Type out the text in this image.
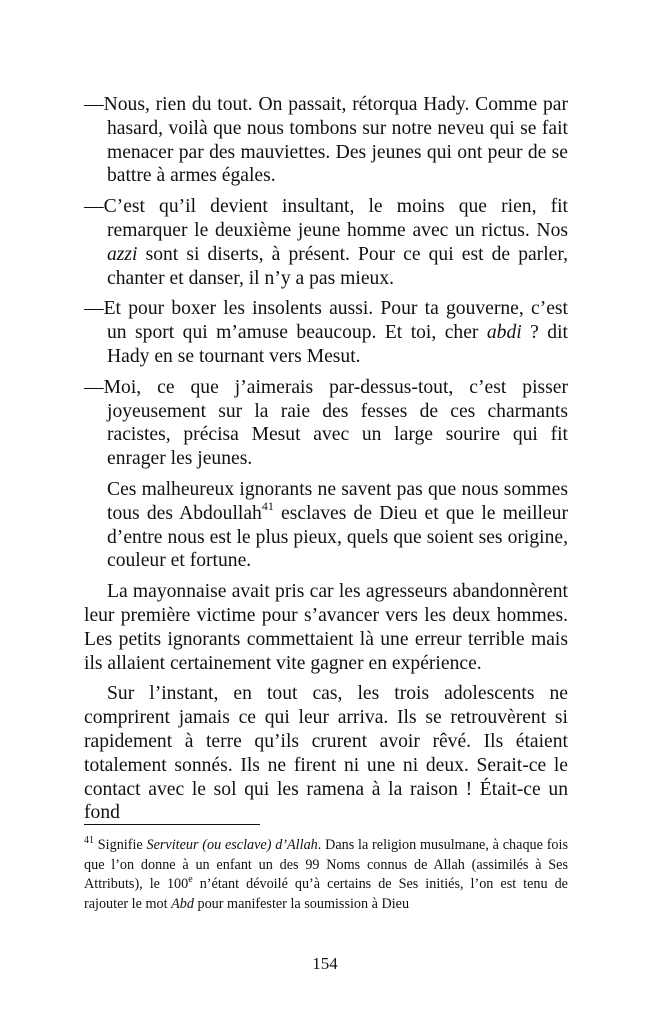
—Nous, rien du tout. On passait, rétorqua Hady. Comme par hasard, voilà que nous tombons sur notre neveu qui se fait menacer par des mauviettes. Des jeunes qui ont peur de se battre à armes égales.

—C’est qu’il devient insultant, le moins que rien, fit remarquer le deuxième jeune homme avec un rictus. Nos azzi sont si diserts, à présent. Pour ce qui est de parler, chanter et danser, il n’y a pas mieux.

—Et pour boxer les insolents aussi. Pour ta gouverne, c’est un sport qui m’amuse beaucoup. Et toi, cher abdi ? dit Hady en se tournant vers Mesut.

—Moi, ce que j’aimerais par-dessus-tout, c’est pisser joyeusement sur la raie des fesses de ces charmants racistes, précisa Mesut avec un large sourire qui fit enrager les jeunes.

Ces malheureux ignorants ne savent pas que nous sommes tous des Abdoullah$^{41}$ esclaves de Dieu et que le meilleur d’entre nous est le plus pieux, quels que soient ses origine, couleur et fortune.

La mayonnaise avait pris car les agresseurs abandonnèrent leur première victime pour s’avancer vers les deux hommes. Les petits ignorants commettaient là une erreur terrible mais ils allaient certainement vite gagner en expérience.

Sur l’instant, en tout cas, les trois adolescents ne comprirent jamais ce qui leur arriva. Ils se retrouvèrent si rapidement à terre qu’ils crurent avoir rêvé. Ils étaient totalement sonnés. Ils ne firent ni une ni deux. Serait-ce le contact avec le sol qui les ramena à la raison ! Était-ce un fond

$^{41}$ Signifie Serviteur (ou esclave) d’Allah. Dans la religion musulmane, à chaque fois que l’on donne à un enfant un des 99 Noms connus de Allah (assimilés à Ses Attributs), le 100e n’étant dévoilé qu’à certains de Ses initiés, l’on est tenu de rajouter le mot Abd pour manifester la soumission à Dieu
154
